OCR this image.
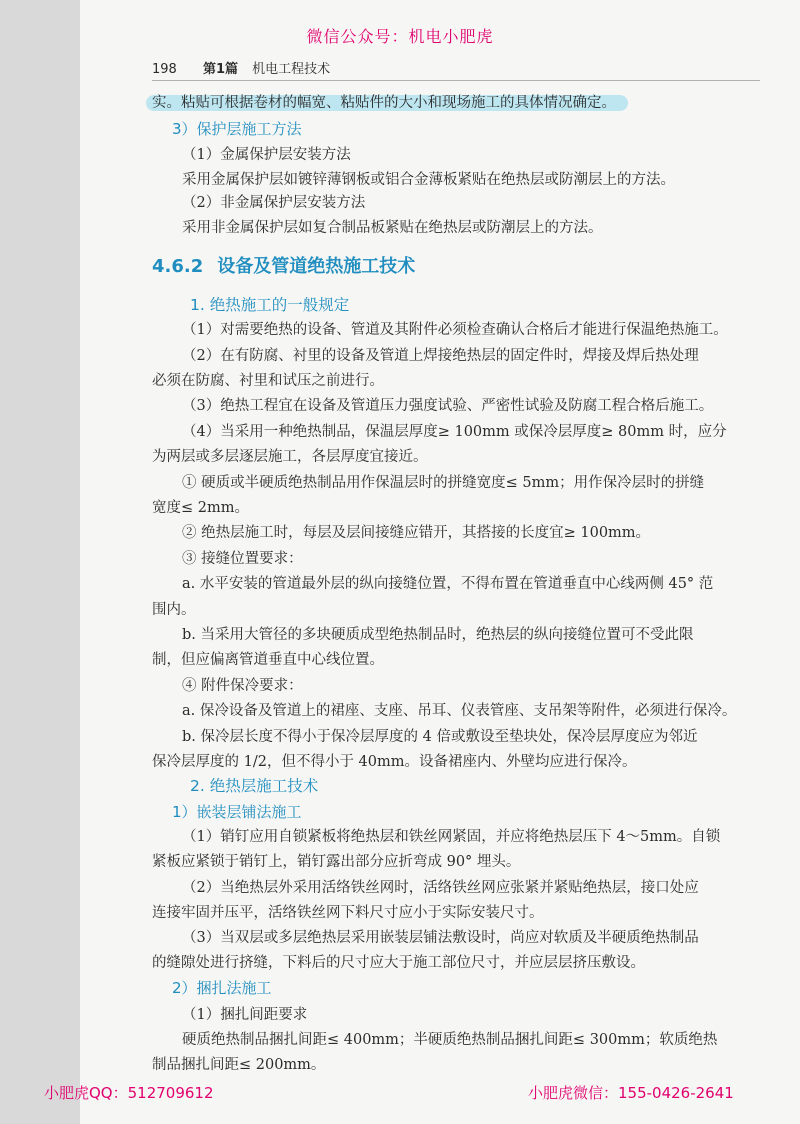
微信公众号：机电小肥虎
198 第1篇 机电工程技术
实。粘贴可根据卷材的幅宽、粘贴件的大小和现场施工的具体情况确定。
3）保护层施工方法
（1）金属保护层安装方法
采用金属保护层如镀锌薄钢板或铝合金薄板紧贴在绝热层或防潮层上的方法。
（2）非金属保护层安装方法
采用非金属保护层如复合制品板紧贴在绝热层或防潮层上的方法。
4.6.2 设备及管道绝热施工技术
1. 绝热施工的一般规定
（1）对需要绝热的设备、管道及其附件必须检查确认合格后才能进行保温绝热施工。
（2）在有防腐、衬里的设备及管道上焊接绝热层的固定件时，焊接及焊后热处理
必须在防腐、衬里和试压之前进行。
（3）绝热工程宜在设备及管道压力强度试验、严密性试验及防腐工程合格后施工。
（4）当采用一种绝热制品，保温层厚度≥ 100mm 或保冷层厚度≥ 80mm 时，应分
为两层或多层逐层施工，各层厚度宜接近。
① 硬质或半硬质绝热制品用作保温层时的拼缝宽度≤ 5mm；用作保冷层时的拼缝
宽度≤ 2mm。
② 绝热层施工时，每层及层间接缝应错开，其搭接的长度宜≥ 100mm。
③ 接缝位置要求：
a. 水平安装的管道最外层的纵向接缝位置，不得布置在管道垂直中心线两侧 45° 范
围内。
b. 当采用大管径的多块硬质成型绝热制品时，绝热层的纵向接缝位置可不受此限
制，但应偏离管道垂直中心线位置。
④ 附件保冷要求：
a. 保冷设备及管道上的裙座、支座、吊耳、仪表管座、支吊架等附件，必须进行保冷。
b. 保冷层长度不得小于保冷层厚度的 4 倍或敷设至垫块处，保冷层厚度应为邻近
保冷层厚度的 1/2，但不得小于 40mm。设备裙座内、外壁均应进行保冷。
2. 绝热层施工技术
1）嵌装层铺法施工
（1）销钉应用自锁紧板将绝热层和铁丝网紧固，并应将绝热层压下 4～5mm。自锁
紧板应紧锁于销钉上，销钉露出部分应折弯成 90° 埋头。
（2）当绝热层外采用活络铁丝网时，活络铁丝网应张紧并紧贴绝热层，接口处应
连接牢固并压平，活络铁丝网下料尺寸应小于实际安装尺寸。
（3）当双层或多层绝热层采用嵌装层铺法敷设时，尚应对软质及半硬质绝热制品
的缝隙处进行挤缝，下料后的尺寸应大于施工部位尺寸，并应层层挤压敷设。
2）捆扎法施工
（1）捆扎间距要求
硬质绝热制品捆扎间距≤ 400mm；半硬质绝热制品捆扎间距≤ 300mm；软质绝热
制品捆扎间距≤ 200mm。
小肥虎QQ：512709612	小肥虎微信：155-0426-2641
